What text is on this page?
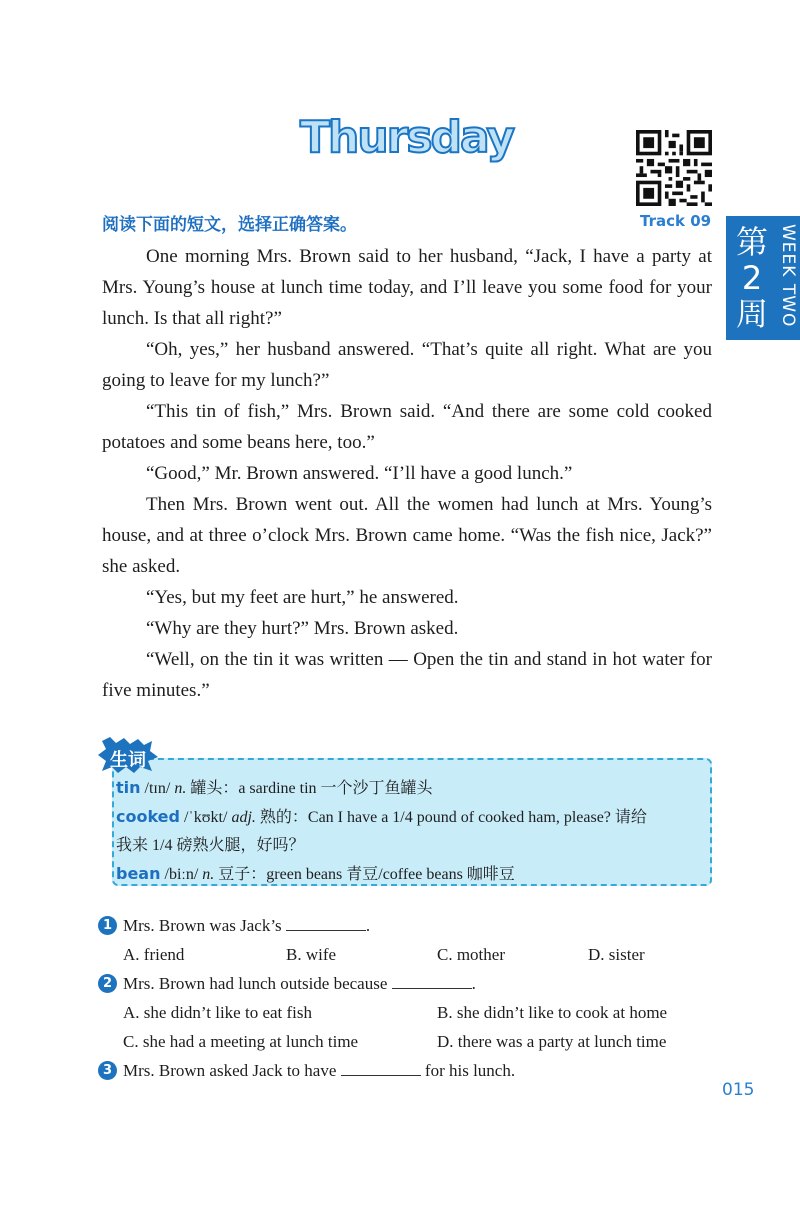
Thursday
Track 09
第2周 WEEK TWO
阅读下面的短文，选择正确答案。

One morning Mrs. Brown said to her husband, “Jack, I have a party at Mrs. Young’s house at lunch time today, and I’ll leave you some food for your lunch. Is that all right?”

“Oh, yes,” her husband answered. “That’s quite all right. What are you going to leave for my lunch?”

“This tin of fish,” Mrs. Brown said. “And there are some cold cooked potatoes and some beans here, too.”

“Good,” Mr. Brown answered. “I’ll have a good lunch.”

Then Mrs. Brown went out. All the women had lunch at Mrs. Young’s house, and at three o’clock Mrs. Brown came home. “Was the fish nice, Jack?” she asked.

“Yes, but my feet are hurt,” he answered.

“Why are they hurt?” Mrs. Brown asked.

“Well, on the tin it was written — Open the tin and stand in hot water for five minutes.”

生词
tin /tɪn/ n. 罐头：a sardine tin 一个沙丁鱼罐头
cooked /ˈkʊkt/ adj. 熟的：Can I have a 1/4 pound of cooked ham, please? 请给
我来 1/4 磅熟火腿，好吗？
bean /biːn/ n. 豆子：green beans 青豆/coffee beans 咖啡豆
1 Mrs. Brown was Jack’s	.
A. friend	B. wife	C. mother	D. sister
2 Mrs. Brown had lunch outside because	.
A. she didn’t like to eat fish	B. she didn’t like to cook at home
C. she had a meeting at lunch time	D. there was a party at lunch time
3 Mrs. Brown asked Jack to have	for his lunch.
015
